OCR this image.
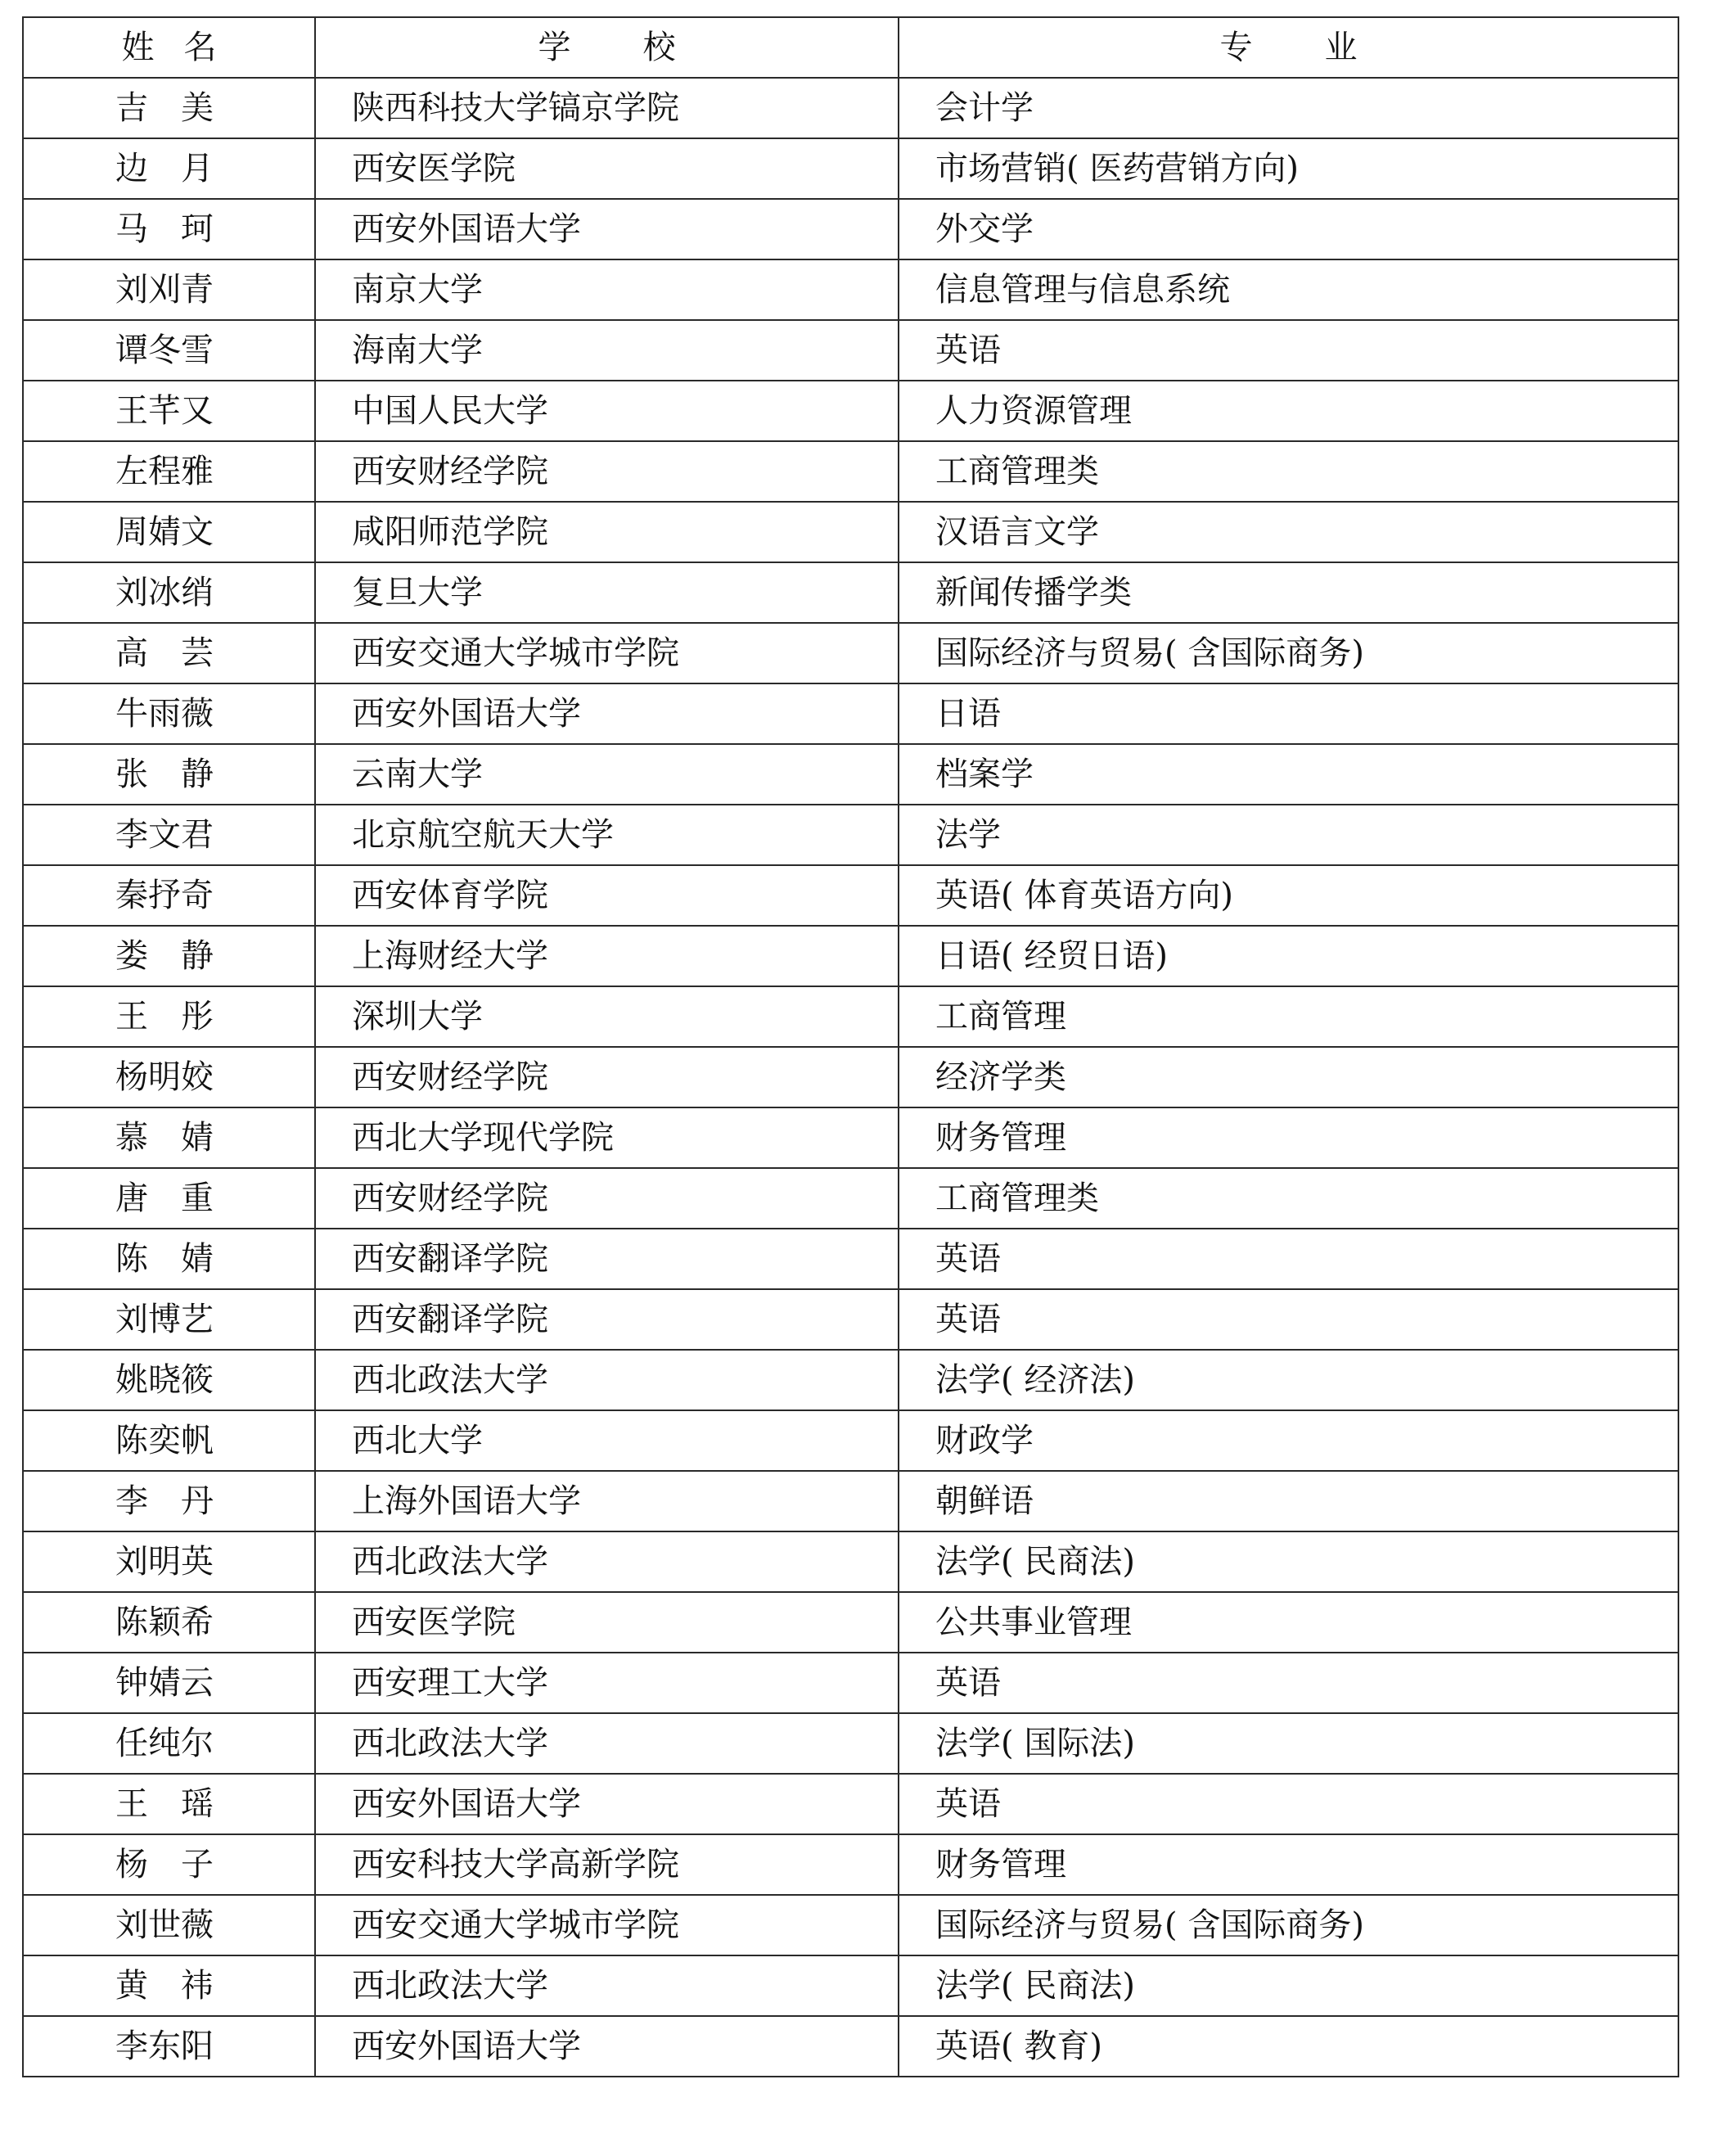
姓名	学校	专业
吉　美	陕西科技大学镐京学院	会计学
边　月	西安医学院	市场营销( 医药营销方向)
马　珂	西安外国语大学	外交学
刘刈青	南京大学	信息管理与信息系统
谭冬雪	海南大学	英语
王芊又	中国人民大学	人力资源管理
左程雅	西安财经学院	工商管理类
周婧文	咸阳师范学院	汉语言文学
刘冰绡	复旦大学	新闻传播学类
高　芸	西安交通大学城市学院	国际经济与贸易( 含国际商务)
牛雨薇	西安外国语大学	日语
张　静	云南大学	档案学
李文君	北京航空航天大学	法学
秦抒奇	西安体育学院	英语( 体育英语方向)
娄　静	上海财经大学	日语( 经贸日语)
王　彤	深圳大学	工商管理
杨明姣	西安财经学院	经济学类
慕　婧	西北大学现代学院	财务管理
唐　重	西安财经学院	工商管理类
陈　婧	西安翻译学院	英语
刘博艺	西安翻译学院	英语
姚晓筱	西北政法大学	法学( 经济法)
陈奕帆	西北大学	财政学
李　丹	上海外国语大学	朝鲜语
刘明英	西北政法大学	法学( 民商法)
陈颖希	西安医学院	公共事业管理
钟婧云	西安理工大学	英语
任纯尔	西北政法大学	法学( 国际法)
王　瑶	西安外国语大学	英语
杨　子	西安科技大学高新学院	财务管理
刘世薇	西安交通大学城市学院	国际经济与贸易( 含国际商务)
黄　祎	西北政法大学	法学( 民商法)
李东阳	西安外国语大学	英语( 教育)
